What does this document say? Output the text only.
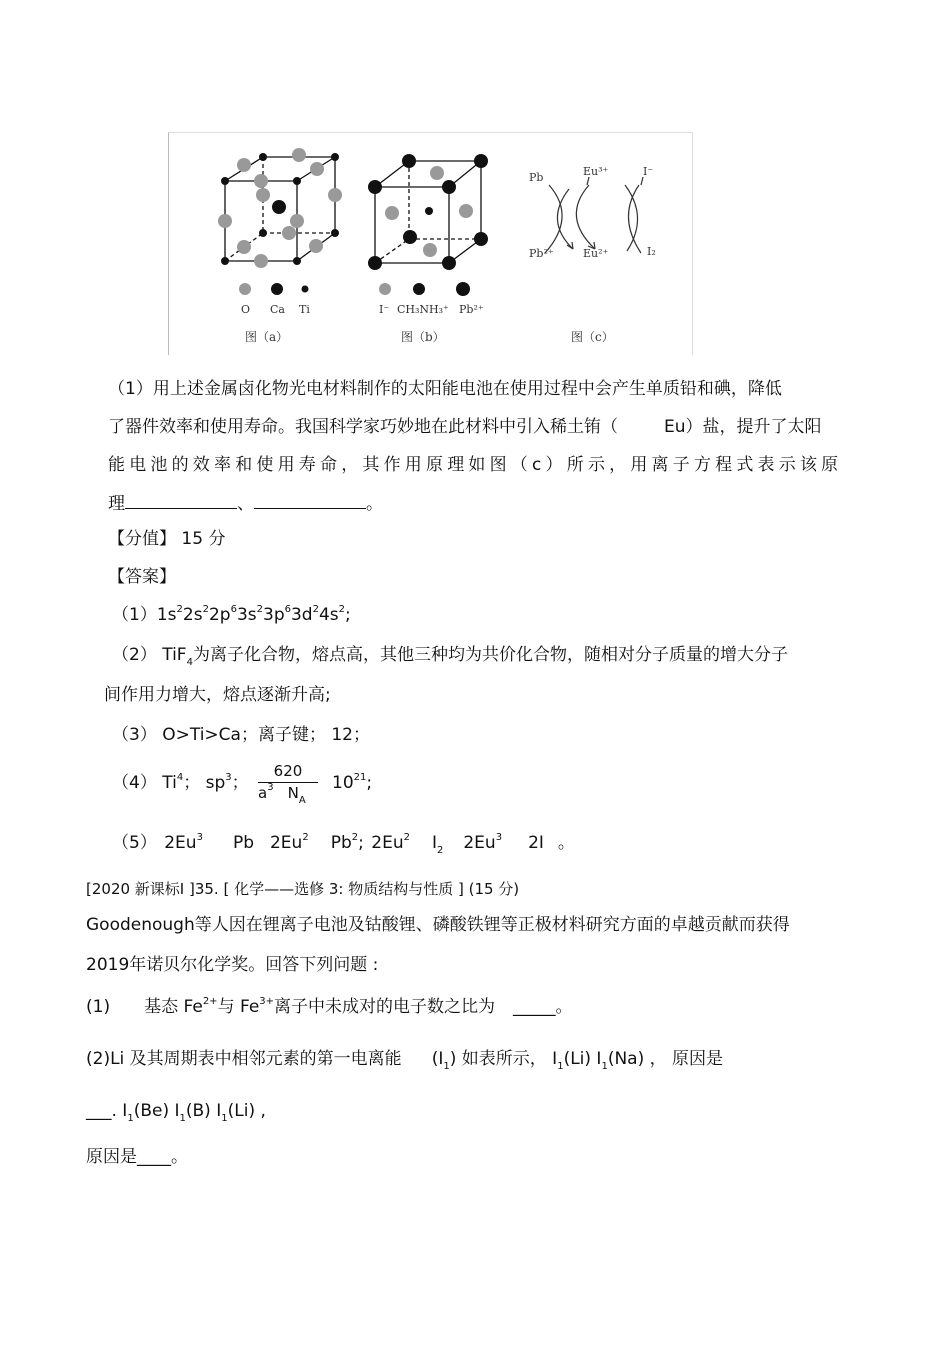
O Ca Ti
图（a）
I⁻ CH₃NH₃⁺ Pb²⁺
图（b）
Pb	Eu³⁺	I⁻
Pb²⁺	Eu²⁺	I₂
图（c）
（1）用上述金属卤化物光电材料制作的太阳能电池在使用过程中会产生单质铅和碘，降低
了器件效率和使用寿命。我国科学家巧妙地在此材料中引入稀土铕（	Eu）盐，提升了太阳
能电池的效率和使用寿命，其作用原理如图（c）所示，用离子方程式表示该原
理	、	。
【分值】 15 分
【答案】
$(1)1s^22s^22p^63s^23p^63d^24s^2$;
（2） TiF$_4$为离子化合物，熔点高，其他三种均为共价化合物，随相对分子质量的增大分子
间作用力增大，熔点逐渐升高;
（3） O>Ti>Ca；离子键； 12；
（4） Ti$^4$； $sp^3$； $\frac{620}{a^3 N_A} 10^{21}$;
（5） 2Eu$^3$ Pb 2Eu$^2$ Pb$^2$; 2Eu$^2$ $I_2$ 2Eu$^3$ 2I 。
[2020 新课标Ⅰ ]35. [ 化学——选修 3: 物质结构与性质 ] (15 分)
Goodenough等人因在锂离子电池及钴酸锂、磷酸铁锂等正极材料研究方面的卓越贡献而获得
2019年诺贝尔化学奖。回答下列问题 :
(1) 基态 $Fe^{2+}$与 $Fe^{3+}$离子中未成对的电子数之比为 _____。
(2)Li 及其周期表中相邻元素的第一电离能 $(I_1)$ 如表所示， $I_1(Li)$ $I_1(Na)$ ， 原因是
___. $I_1(Be)$ $I_1(B)$ $I_1(Li)$ ,
原因是____。
